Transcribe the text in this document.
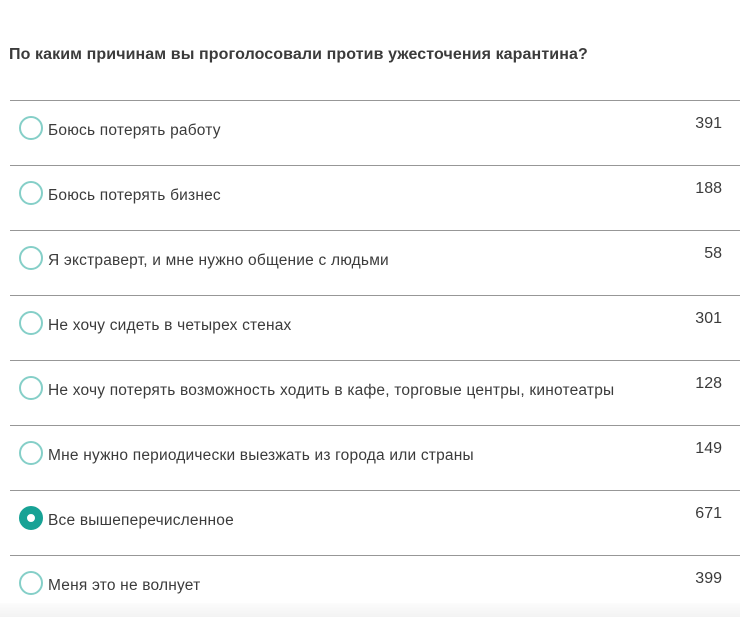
По каким причинам вы проголосовали против ужесточения карантина?
Боюсь потерять работу	391
Боюсь потерять бизнес	188
Я экстраверт, и мне нужно общение с людьми	58
Не хочу сидеть в четырех стенах	301
Не хочу потерять возможность ходить в кафе, торговые центры, кинотеатры	128
Мне нужно периодически выезжать из города или страны	149
Все вышеперечисленное	671
Меня это не волнует	399
